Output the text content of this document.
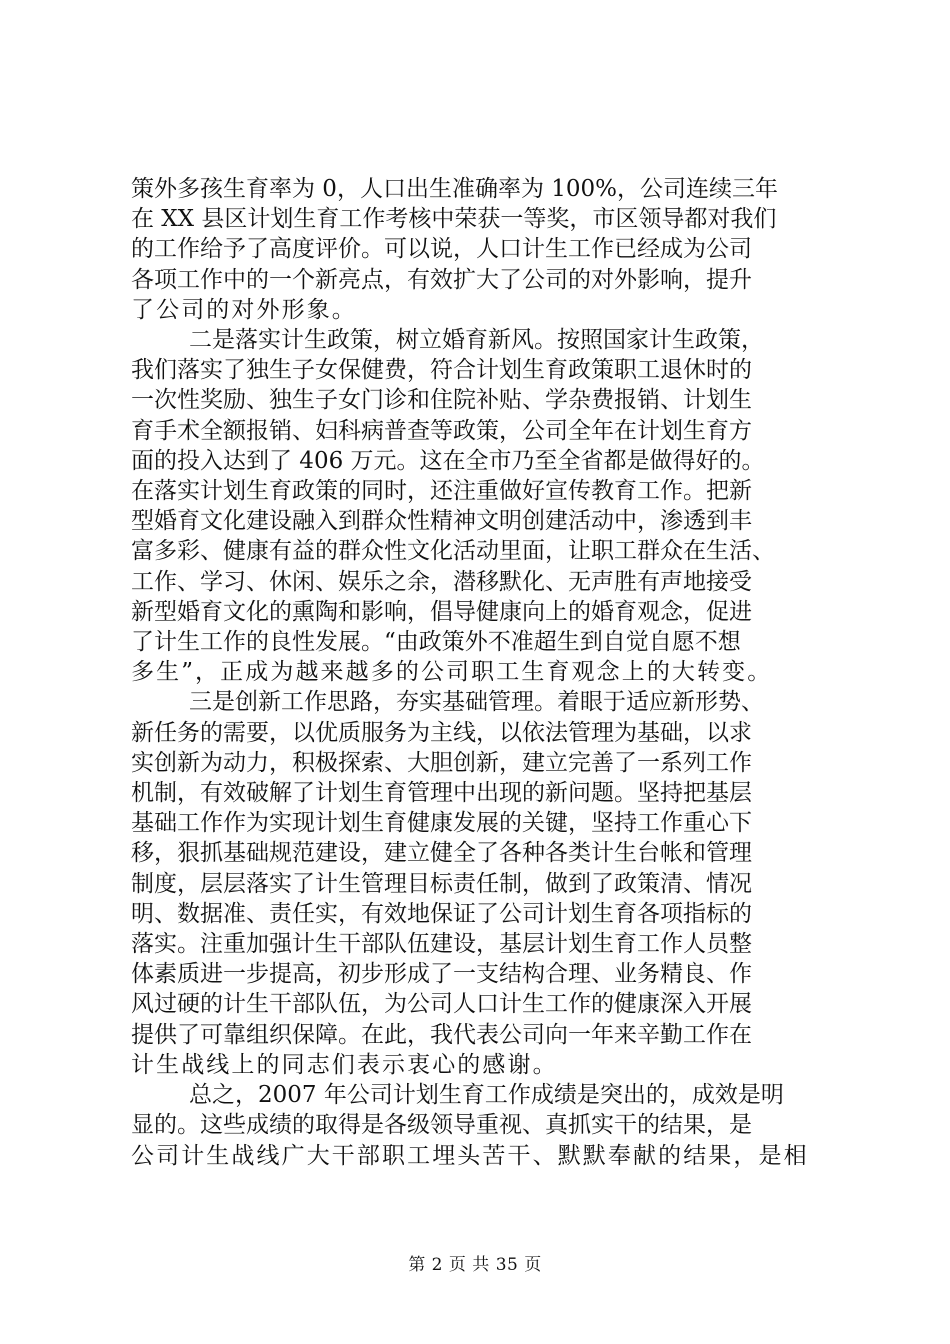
策外多孩生育率为 0，人口出生准确率为 100%，公司连续三年
在 XX 县区计划生育工作考核中荣获一等奖，市区领导都对我们
的工作给予了高度评价。可以说，人口计生工作已经成为公司
各项工作中的一个新亮点，有效扩大了公司的对外影响，提升
了公司的对外形象。
二是落实计生政策，树立婚育新风。按照国家计生政策，
我们落实了独生子女保健费，符合计划生育政策职工退休时的
一次性奖励、独生子女门诊和住院补贴、学杂费报销、计划生
育手术全额报销、妇科病普查等政策，公司全年在计划生育方
面的投入达到了 406 万元。这在全市乃至全省都是做得好的。
在落实计划生育政策的同时，还注重做好宣传教育工作。把新
型婚育文化建设融入到群众性精神文明创建活动中，渗透到丰
富多彩、健康有益的群众性文化活动里面，让职工群众在生活、
工作、学习、休闲、娱乐之余，潜移默化、无声胜有声地接受
新型婚育文化的熏陶和影响，倡导健康向上的婚育观念，促进
了计生工作的良性发展。“由政策外不准超生到自觉自愿不想
多生”，正成为越来越多的公司职工生育观念上的大转变。
三是创新工作思路，夯实基础管理。着眼于适应新形势、
新任务的需要，以优质服务为主线，以依法管理为基础，以求
实创新为动力，积极探索、大胆创新，建立完善了一系列工作
机制，有效破解了计划生育管理中出现的新问题。坚持把基层
基础工作作为实现计划生育健康发展的关键，坚持工作重心下
移，狠抓基础规范建设，建立健全了各种各类计生台帐和管理
制度，层层落实了计生管理目标责任制，做到了政策清、情况
明、数据准、责任实，有效地保证了公司计划生育各项指标的
落实。注重加强计生干部队伍建设，基层计划生育工作人员整
体素质进一步提高，初步形成了一支结构合理、业务精良、作
风过硬的计生干部队伍，为公司人口计生工作的健康深入开展
提供了可靠组织保障。在此，我代表公司向一年来辛勤工作在
计生战线上的同志们表示衷心的感谢。
总之，2007 年公司计划生育工作成绩是突出的，成效是明
显的。这些成绩的取得是各级领导重视、真抓实干的结果，是
公司计生战线广大干部职工埋头苦干、默默奉献的结果，是相
第 2 页 共 35 页
